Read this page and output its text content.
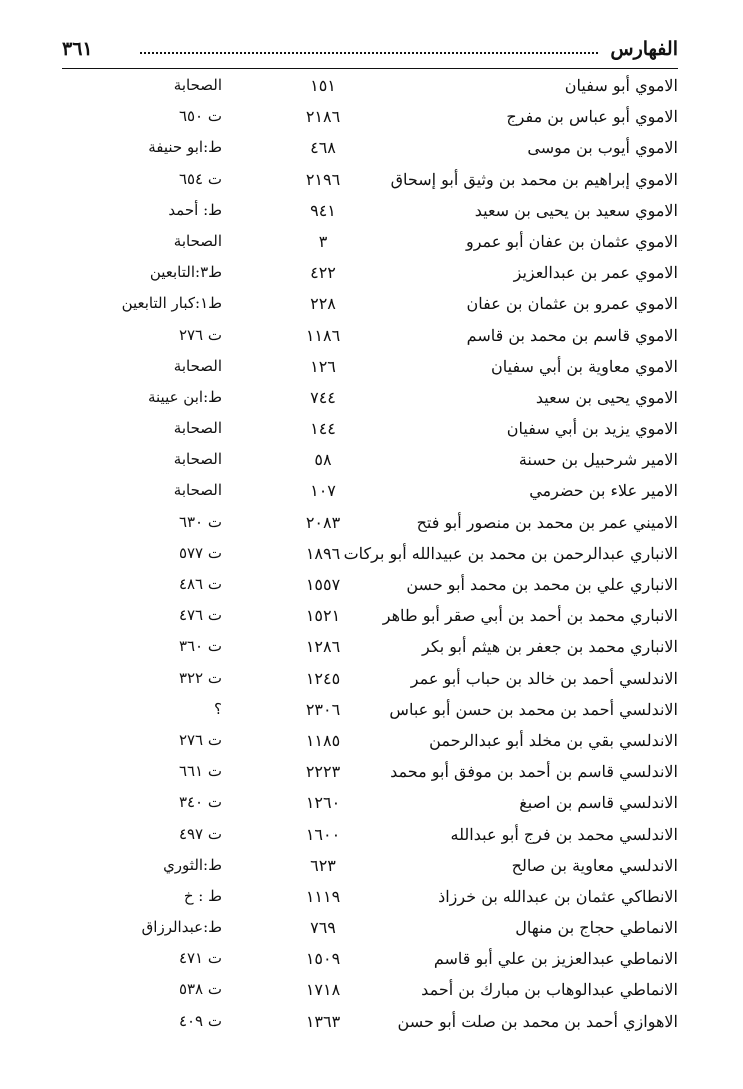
الفهارس
٣٦١
الاموي أبو سفيان
١٥١
الصحابة
الاموي أبو عباس بن مفرج
٢١٨٦
ت ٦٥٠
الاموي أيوب بن موسى
٤٦٨
ط:ابو حنيفة
الاموي إبراهيم بن محمد بن وثيق أبو إسحاق
٢١٩٦
ت ٦٥٤
الاموي سعيد بن يحيى بن سعيد
٩٤١
ط: أحمد
الاموي عثمان بن عفان أبو عمرو
٣
الصحابة
الاموي عمر بن عبدالعزيز
٤٢٢
ط٣:التابعين
الاموي عمرو بن عثمان بن عفان
٢٢٨
ط١:كبار التابعين
الاموي قاسم بن محمد بن قاسم
١١٨٦
ت ٢٧٦
الاموي معاوية بن أبي سفيان
١٢٦
الصحابة
الاموي يحيى بن سعيد
٧٤٤
ط:ابن عيينة
الاموي يزيد بن أبي سفيان
١٤٤
الصحابة
الامير شرحبيل بن حسنة
٥٨
الصحابة
الامير علاء بن حضرمي
١٠٧
الصحابة
الاميني عمر بن محمد بن منصور أبو فتح
٢٠٨٣
ت ٦٣٠
الانباري عبدالرحمن بن محمد بن عبيدالله أبو بركات
١٨٩٦
ت ٥٧٧
الانباري علي بن محمد بن محمد أبو حسن
١٥٥٧
ت ٤٨٦
الانباري محمد بن أحمد بن أبي صقر أبو طاهر
١٥٢١
ت ٤٧٦
الانباري محمد بن جعفر بن هيثم أبو بكر
١٢٨٦
ت ٣٦٠
الاندلسي أحمد بن خالد بن حباب أبو عمر
١٢٤٥
ت ٣٢٢
الاندلسي أحمد بن محمد بن حسن أبو عباس
٢٣٠٦
؟
الاندلسي بقي بن مخلد أبو عبدالرحمن
١١٨٥
ت ٢٧٦
الاندلسي قاسم بن أحمد بن موفق أبو محمد
٢٢٢٣
ت ٦٦١
الاندلسي قاسم بن اصبغ
١٢٦٠
ت ٣٤٠
الاندلسي محمد بن فرج أبو عبدالله
١٦٠٠
ت ٤٩٧
الاندلسي معاوية بن صالح
٦٢٣
ط:الثوري
الانطاكي عثمان بن عبدالله بن خرزاذ
١١١٩
ط : خ
الانماطي حجاج بن منهال
٧٦٩
ط:عبدالرزاق
الانماطي عبدالعزيز بن علي أبو قاسم
١٥٠٩
ت ٤٧١
الانماطي عبدالوهاب بن مبارك بن أحمد
١٧١٨
ت ٥٣٨
الاهوازي أحمد بن محمد بن صلت أبو حسن
١٣٦٣
ت ٤٠٩
